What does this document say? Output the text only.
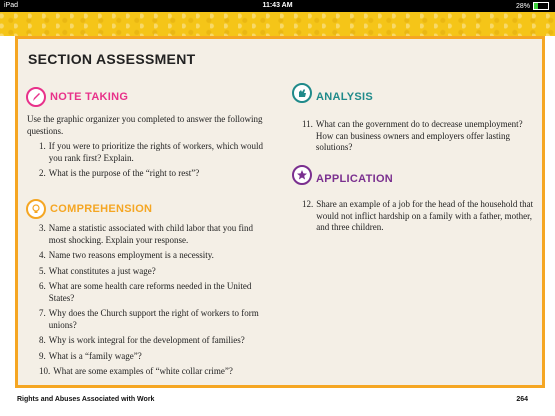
iPad	11:43 AM	28%
SECTION ASSESSMENT
NOTE TAKING

Use the graphic organizer you completed to answer the following questions.

1. If you were to prioritize the rights of workers, which would you rank first? Explain.
2. What is the purpose of the “right to rest”?
COMPREHENSION
3. Name a statistic associated with child labor that you find most shocking. Explain your response.
4. Name two reasons employment is a necessity.
5. What constitutes a just wage?
6. What are some health care reforms needed in the United States?
7. Why does the Church support the right of workers to form unions?
8. Why is work integral for the development of families?
9. What is a “family wage”?
10. What are some examples of “white collar crime”?
ANALYSIS
11. What can the government do to decrease unemployment? How can business owners and employers offer lasting solutions?
APPLICATION
12. Share an example of a job for the head of the household that would not inflict hardship on a family with a father, mother, and three children.
Rights and Abuses Associated with Work	264
